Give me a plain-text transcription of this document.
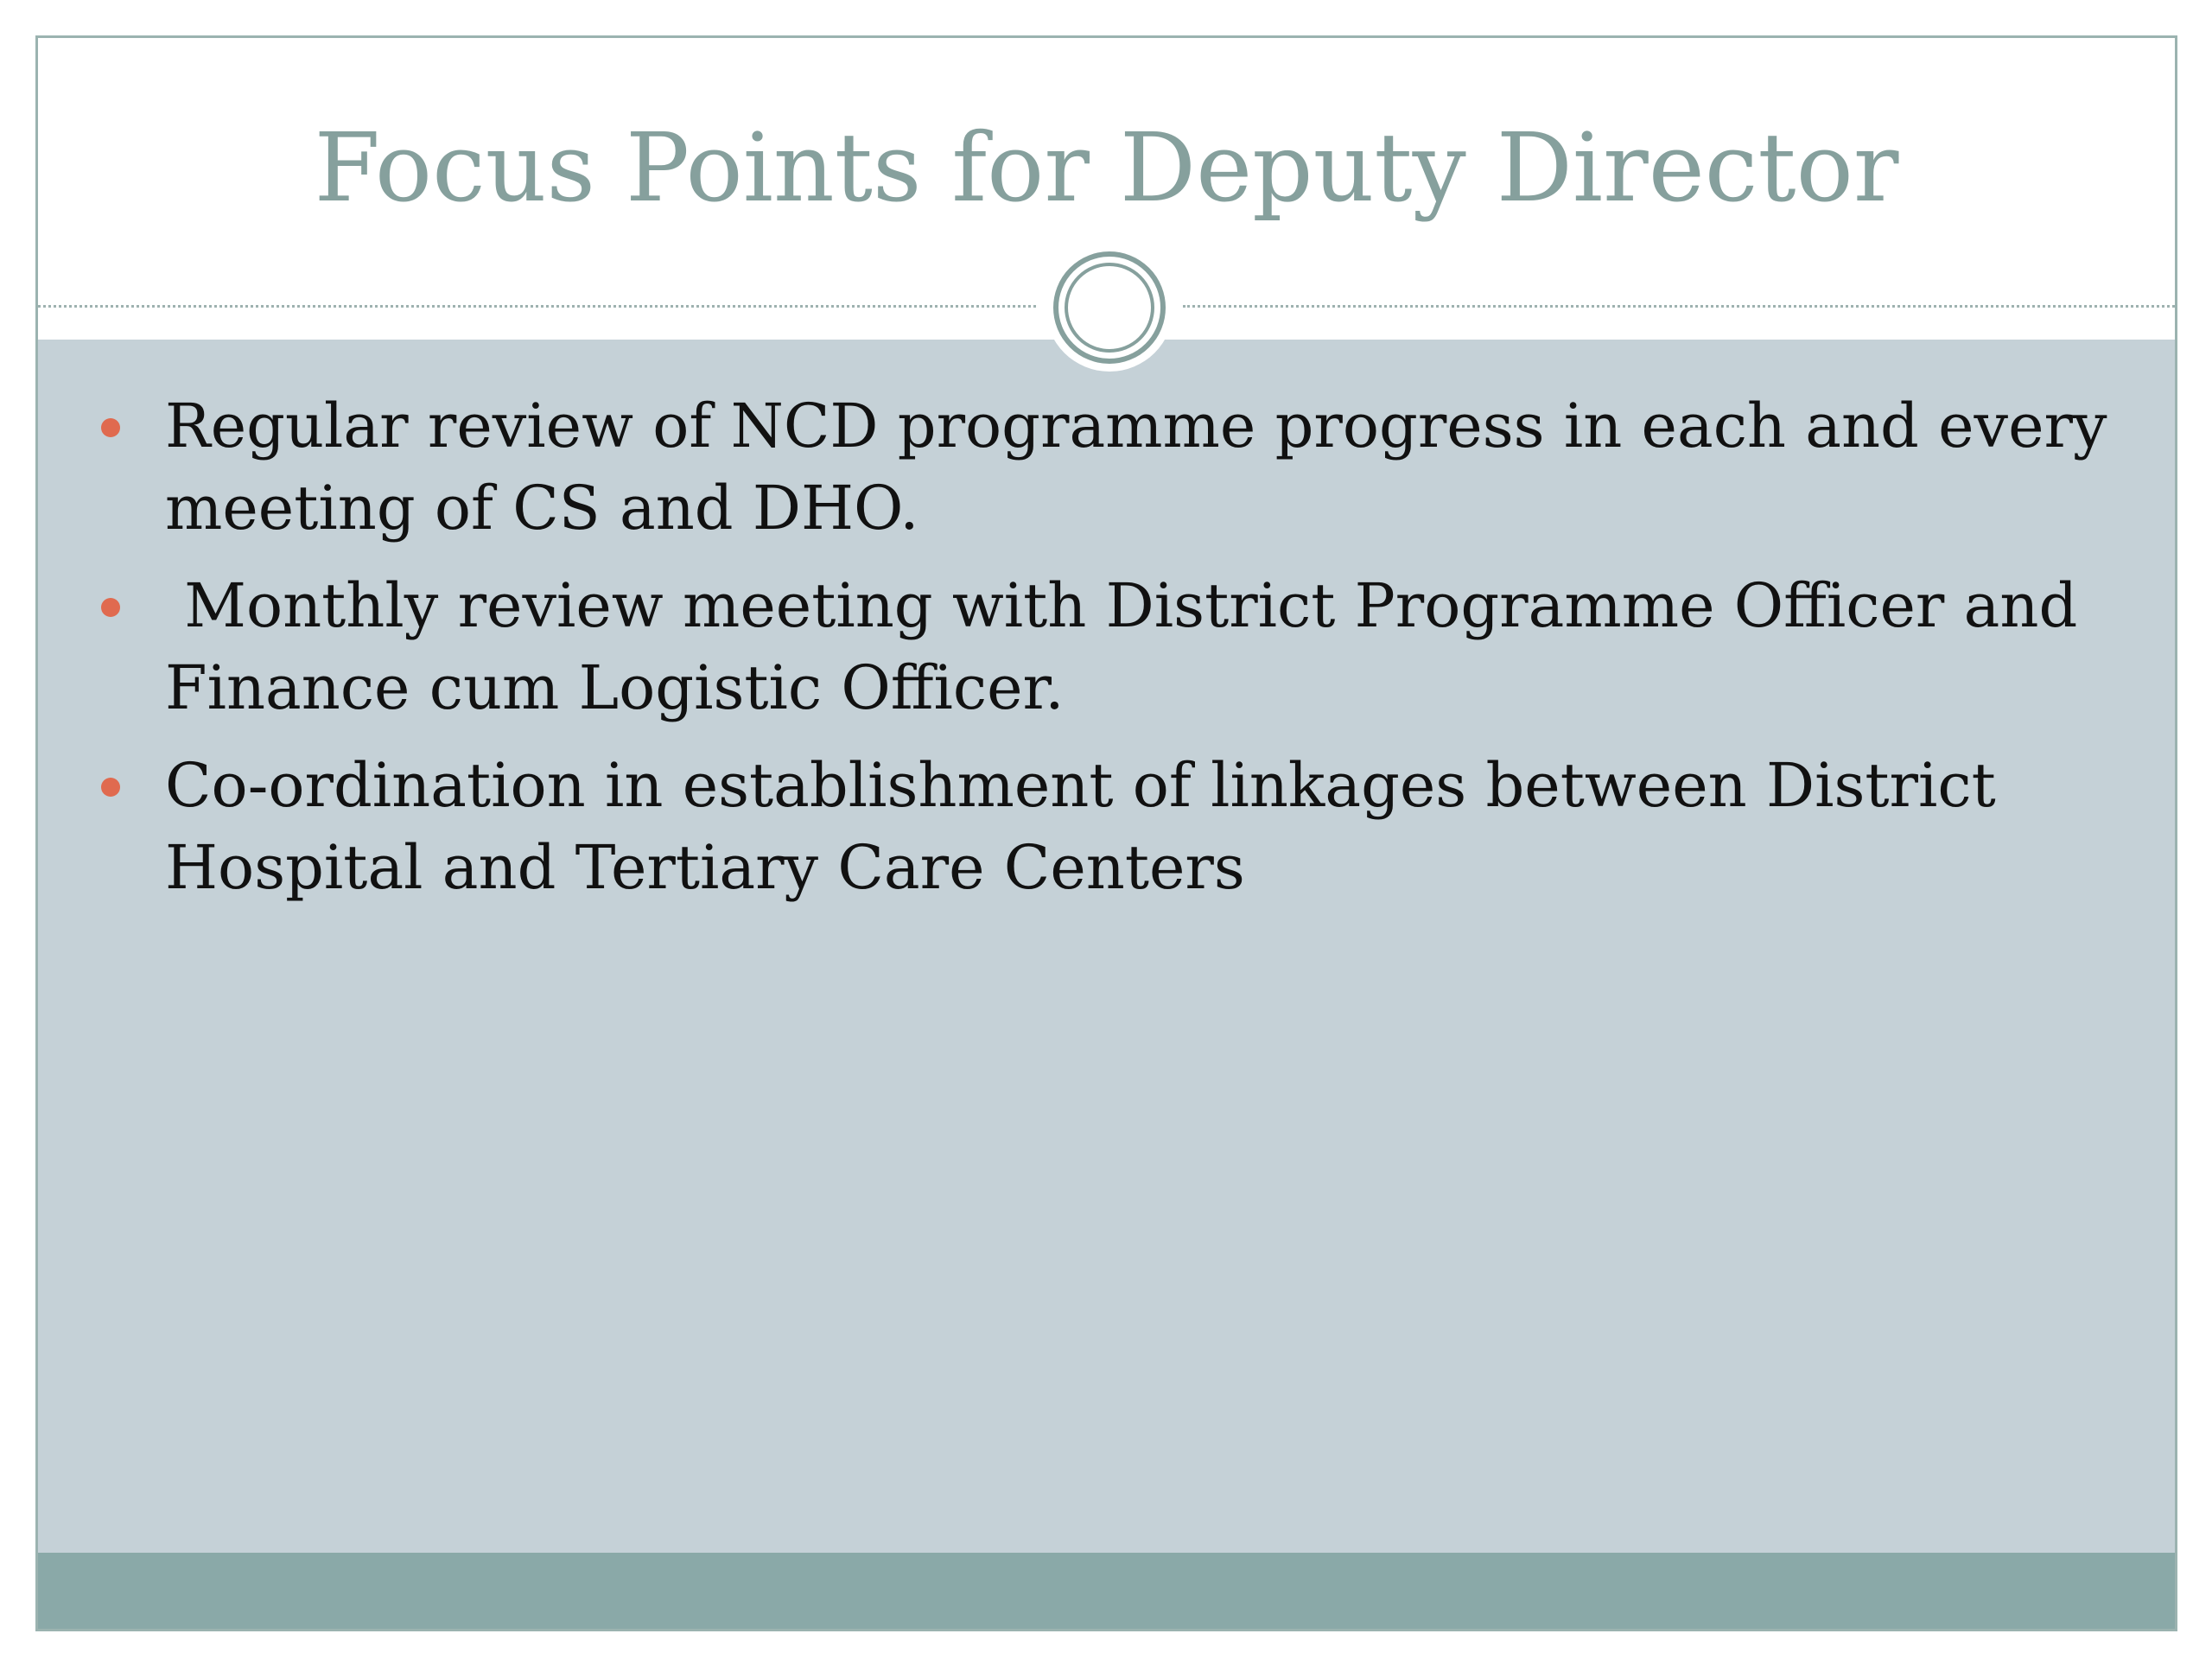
Focus Points for Deputy Director
Regular review of NCD programme progress in each and every meeting of CS and DHO.
Monthly review meeting with District Programme Officer and Finance cum Logistic Officer.
Co-ordination in establishment of linkages between District Hospital and Tertiary Care Centers
